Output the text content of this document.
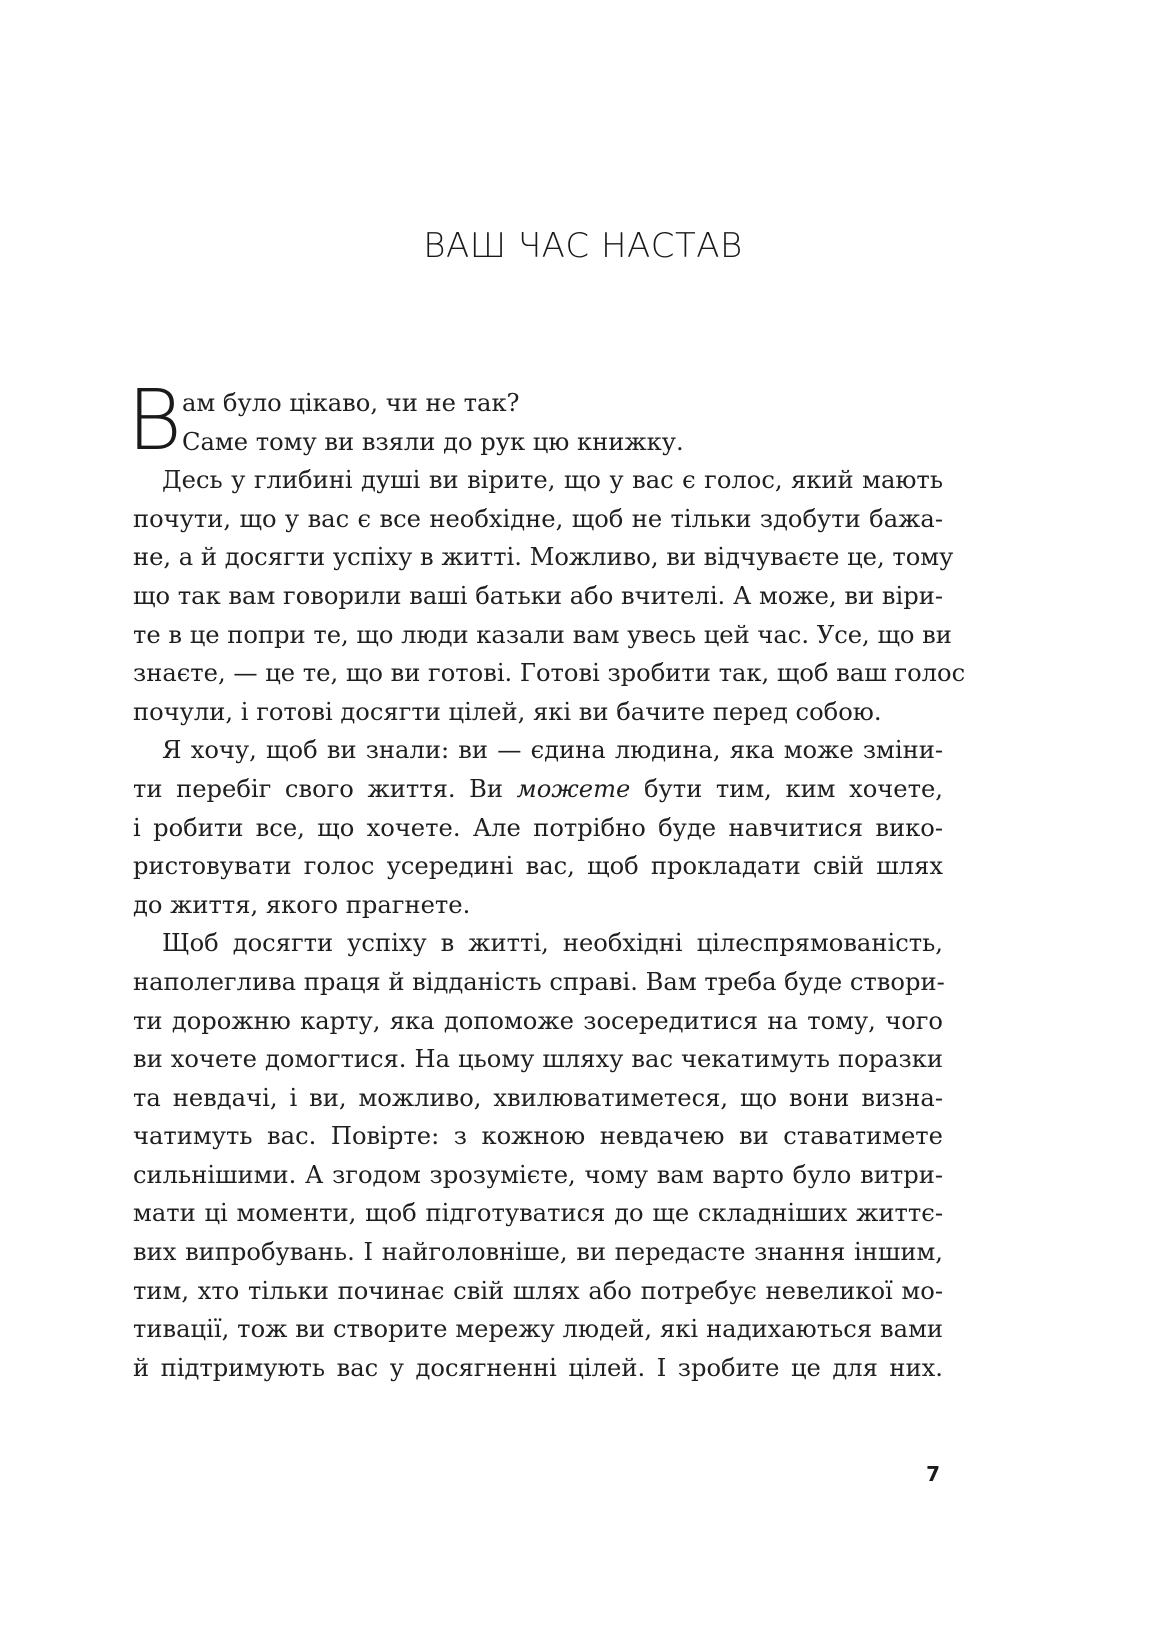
ВАШ ЧАС НАСТАВ
В ам було цікаво, чи не так?
Саме тому ви взяли до рук цю книжку.
Десь у глибині душі ви вірите, що у вас є голос, який мають
почути, що у вас є все необхідне, щоб не тільки здобути бажа-
не, а й досягти успіху в житті. Можливо, ви відчуваєте це, тому
що так вам говорили ваші батьки або вчителі. А може, ви віри-
те в це попри те, що люди казали вам увесь цей час. Усе, що ви
знаєте, — це те, що ви готові. Готові зробити так, щоб ваш голос
почули, і готові досягти цілей, які ви бачите перед собою.
Я хочу, щоб ви знали: ви — єдина людина, яка може зміни-
ти перебіг свого життя. Ви можете бути тим, ким хочете,
і робити все, що хочете. Але потрібно буде навчитися вико-
ристовувати голос усередині вас, щоб прокладати свій шлях
до життя, якого прагнете.
Щоб досягти успіху в житті, необхідні цілеспрямованість,
наполеглива праця й відданість справі. Вам треба буде створи-
ти дорожню карту, яка допоможе зосередитися на тому, чого
ви хочете домогтися. На цьому шляху вас чекатимуть поразки
та невдачі, і ви, можливо, хвилюватиметеся, що вони визна-
чатимуть вас. Повірте: з кожною невдачею ви ставатимете
сильнішими. А згодом зрозумієте, чому вам варто було витри-
мати ці моменти, щоб підготуватися до ще складніших життє-
вих випробувань. І найголовніше, ви передасте знання іншим,
тим, хто тільки починає свій шлях або потребує невеликої мо-
тивації, тож ви створите мережу людей, які надихаються вами
й підтримують вас у досягненні цілей. І зробите це для них.
7
